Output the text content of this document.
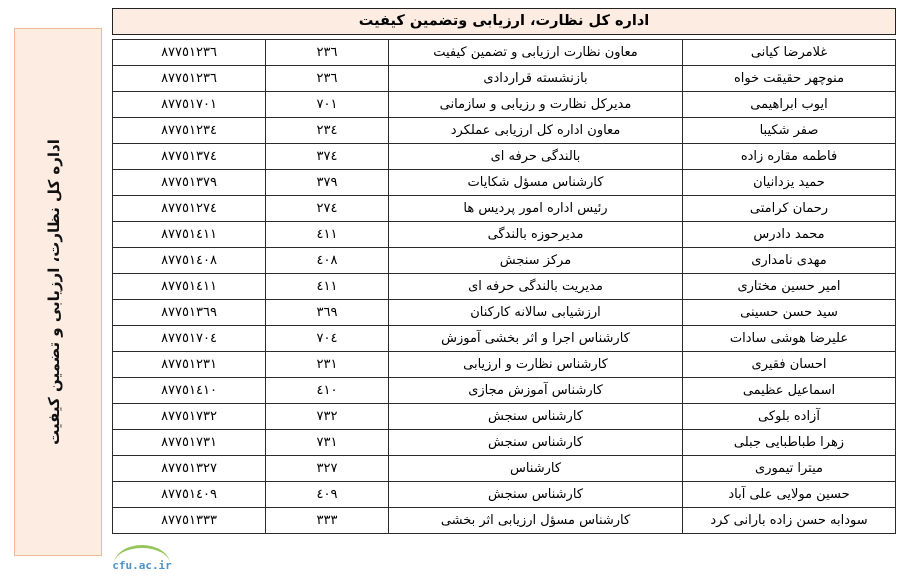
اداره کل نظارت، ارزیابی و تضمین کیفیت
اداره کل نظارت، ارزیابی وتضمین کیفیت
غلامرضا کیانی	معاون نظارت ارزیابی و تضمین کیفیت	٢٣٦	٨٧٧٥١٢٣٦
منوچهر حقیقت خواه	بازنشسته قراردادی	٢٣٦	٨٧٧٥١٢٣٦
ایوب ابراهیمی	مدیرکل نظارت و رزیابی و سازمانی	٧٠١	٨٧٧٥١٧٠١
صفر شکیبا	معاون اداره کل ارزیابی عملکرد	٢٣٤	٨٧٧٥١٢٣٤
فاطمه مقاره زاده	بالندگی حرفه ای	٣٧٤	٨٧٧٥١٣٧٤
حمید یزدانیان	کارشناس مسؤل شکایات	٣٧٩	٨٧٧٥١٣٧٩
رحمان کرامتی	رئیس اداره امور پردیس ها	٢٧٤	٨٧٧٥١٢٧٤
محمد دادرس	مدیرحوزه بالندگی	٤١١	٨٧٧٥١٤١١
مهدی نامداری	مرکز سنجش	٤٠٨	٨٧٧٥١٤٠٨
امیر حسین مختاری	مدیریت بالندگی حرفه ای	٤١١	٨٧٧٥١٤١١
سید حسن حسینی	ارزشیابی سالانه کارکنان	٣٦٩	٨٧٧٥١٣٦٩
علیرضا هوشی سادات	کارشناس اجرا و اثر بخشی آموزش	٧٠٤	٨٧٧٥١٧٠٤
احسان فقیری	کارشناس نظارت و ارزیابی	٢٣١	٨٧٧٥١٢٣١
اسماعیل عظیمی	کارشناس آموزش مجازی	٤١٠	٨٧٧٥١٤١٠
آزاده بلوکی	کارشناس سنجش	٧٣٢	٨٧٧٥١٧٣٢
زهرا طباطبایی جبلی	کارشناس سنجش	٧٣١	٨٧٧٥١٧٣١
میترا تیموری	کارشناس	٣٢٧	٨٧٧٥١٣٢٧
حسین مولایی علی آباد	کارشناس سنجش	٤٠٩	٨٧٧٥١٤٠٩
سودابه حسن زاده بارانی کرد	کارشناس مسؤل ارزیابی اثر بخشی	٣٣٣	٨٧٧٥١٣٣٣
cfu.ac.ir
